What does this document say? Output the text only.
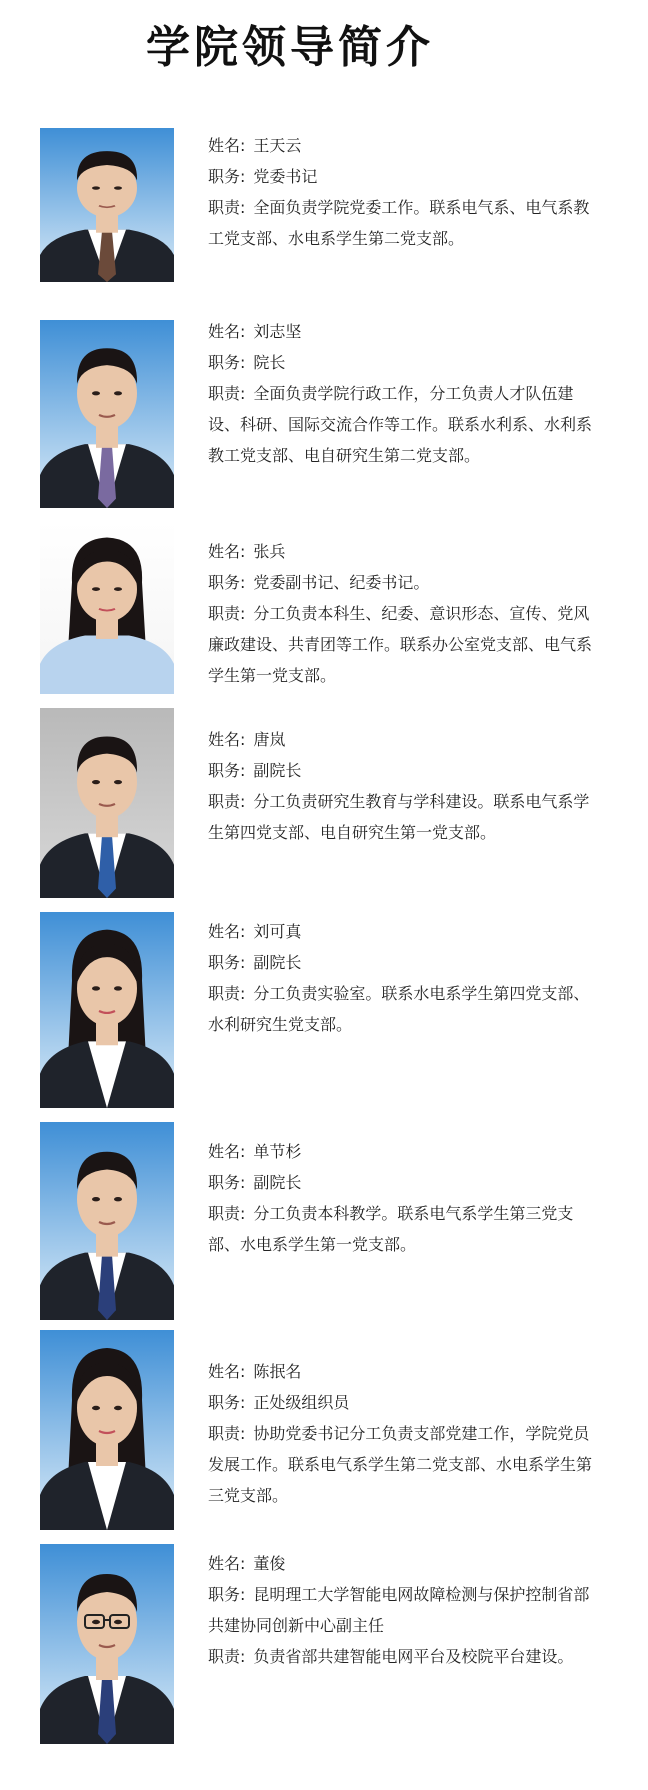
学院领导简介
姓名: 王天云
职务: 党委书记
职责: 全面负责学院党委工作。联系电气系、电气系教工党支部、水电系学生第二党支部。
姓名: 刘志坚
职务: 院长
职责: 全面负责学院行政工作，分工负责人才队伍建设、科研、国际交流合作等工作。联系水利系、水利系教工党支部、电自研究生第二党支部。
姓名: 张兵
职务: 党委副书记、纪委书记。
职责: 分工负责本科生、纪委、意识形态、宣传、党风廉政建设、共青团等工作。联系办公室党支部、电气系学生第一党支部。
姓名: 唐岚
职务: 副院长
职责: 分工负责研究生教育与学科建设。联系电气系学生第四党支部、电自研究生第一党支部。
姓名: 刘可真
职务: 副院长
职责: 分工负责实验室。联系水电系学生第四党支部、水利研究生党支部。
姓名: 单节杉
职务: 副院长
职责: 分工负责本科教学。联系电气系学生第三党支部、水电系学生第一党支部。
姓名: 陈抿名
职务: 正处级组织员
职责: 协助党委书记分工负责支部党建工作，学院党员发展工作。联系电气系学生第二党支部、水电系学生第三党支部。
姓名: 董俊
职务: 昆明理工大学智能电网故障检测与保护控制省部共建协同创新中心副主任
职责: 负责省部共建智能电网平台及校院平台建设。
